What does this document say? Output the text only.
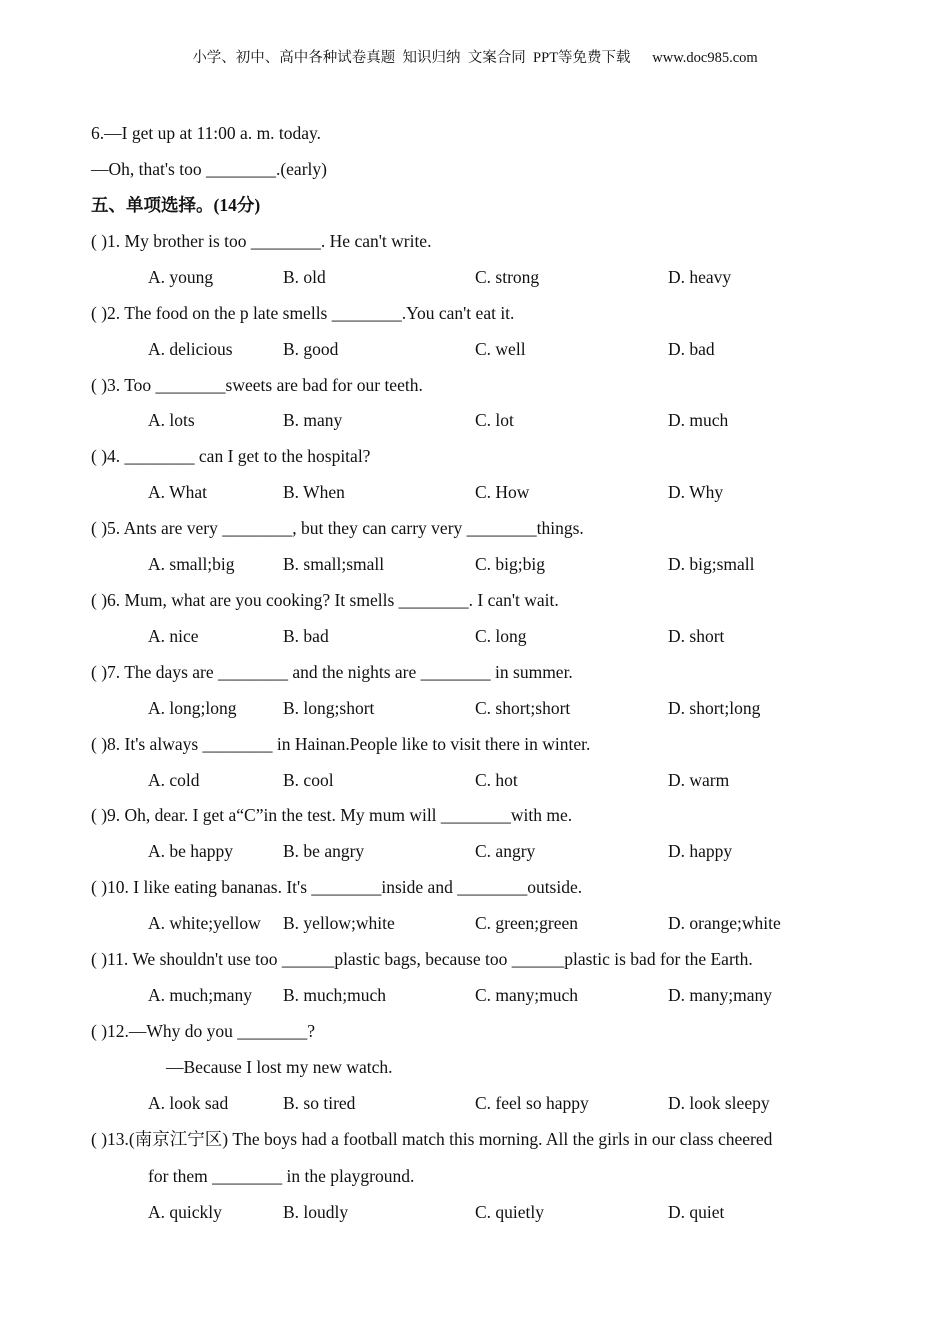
小学、初中、高中各种试卷真题  知识归纳  文案合同  PPT等免费下载      www.doc985.com
6.—I get up at 11:00 a. m. today.
—Oh, that's too ________.(early)
五、单项选择。(14分)
( )1. My brother is too ________. He can't write.
A. young	B. old	C. strong	D. heavy
( )2. The food on the p late smells ________.You can't eat it.
A. delicious	B. good	C. well	D. bad
( )3. Too ________sweets are bad for our teeth.
A. lots	B. many	C. lot	D. much
( )4. ________ can I get to the hospital?
A. What	B. When	C. How	D. Why
( )5. Ants are very ________, but they can carry very ________things.
A. small;big	B. small;small	C. big;big	D. big;small
( )6. Mum, what are you cooking? It smells ________. I can't wait.
A. nice	B. bad	C. long	D. short
( )7. The days are ________ and the nights are ________ in summer.
A. long;long	B. long;short	C. short;short	D. short;long
( )8. It's always ________ in Hainan.People like to visit there in winter.
A. cold	B. cool	C. hot	D. warm
( )9. Oh, dear. I get a“C”in the test. My mum will ________with me.
A. be happy	B. be angry	C. angry	D. happy
( )10. I like eating bananas. It's ________inside and ________outside.
A. white;yellow B. yellow;white	C. green;green	D. orange;white
( )11. We shouldn't use too ______plastic bags, because too ______plastic is bad for the Earth.
A. much;many B. much;much	C. many;much	D. many;many
( )12.—Why do you ________?
—Because I lost my new watch.
A. look sad	B. so tired	C. feel so happy	D. look sleepy
( )13.(南京江宁区) The boys had a football match this morning. All the girls in our class cheered
for them ________ in the playground.
A. quickly	B. loudly	C. quietly	D. quiet
